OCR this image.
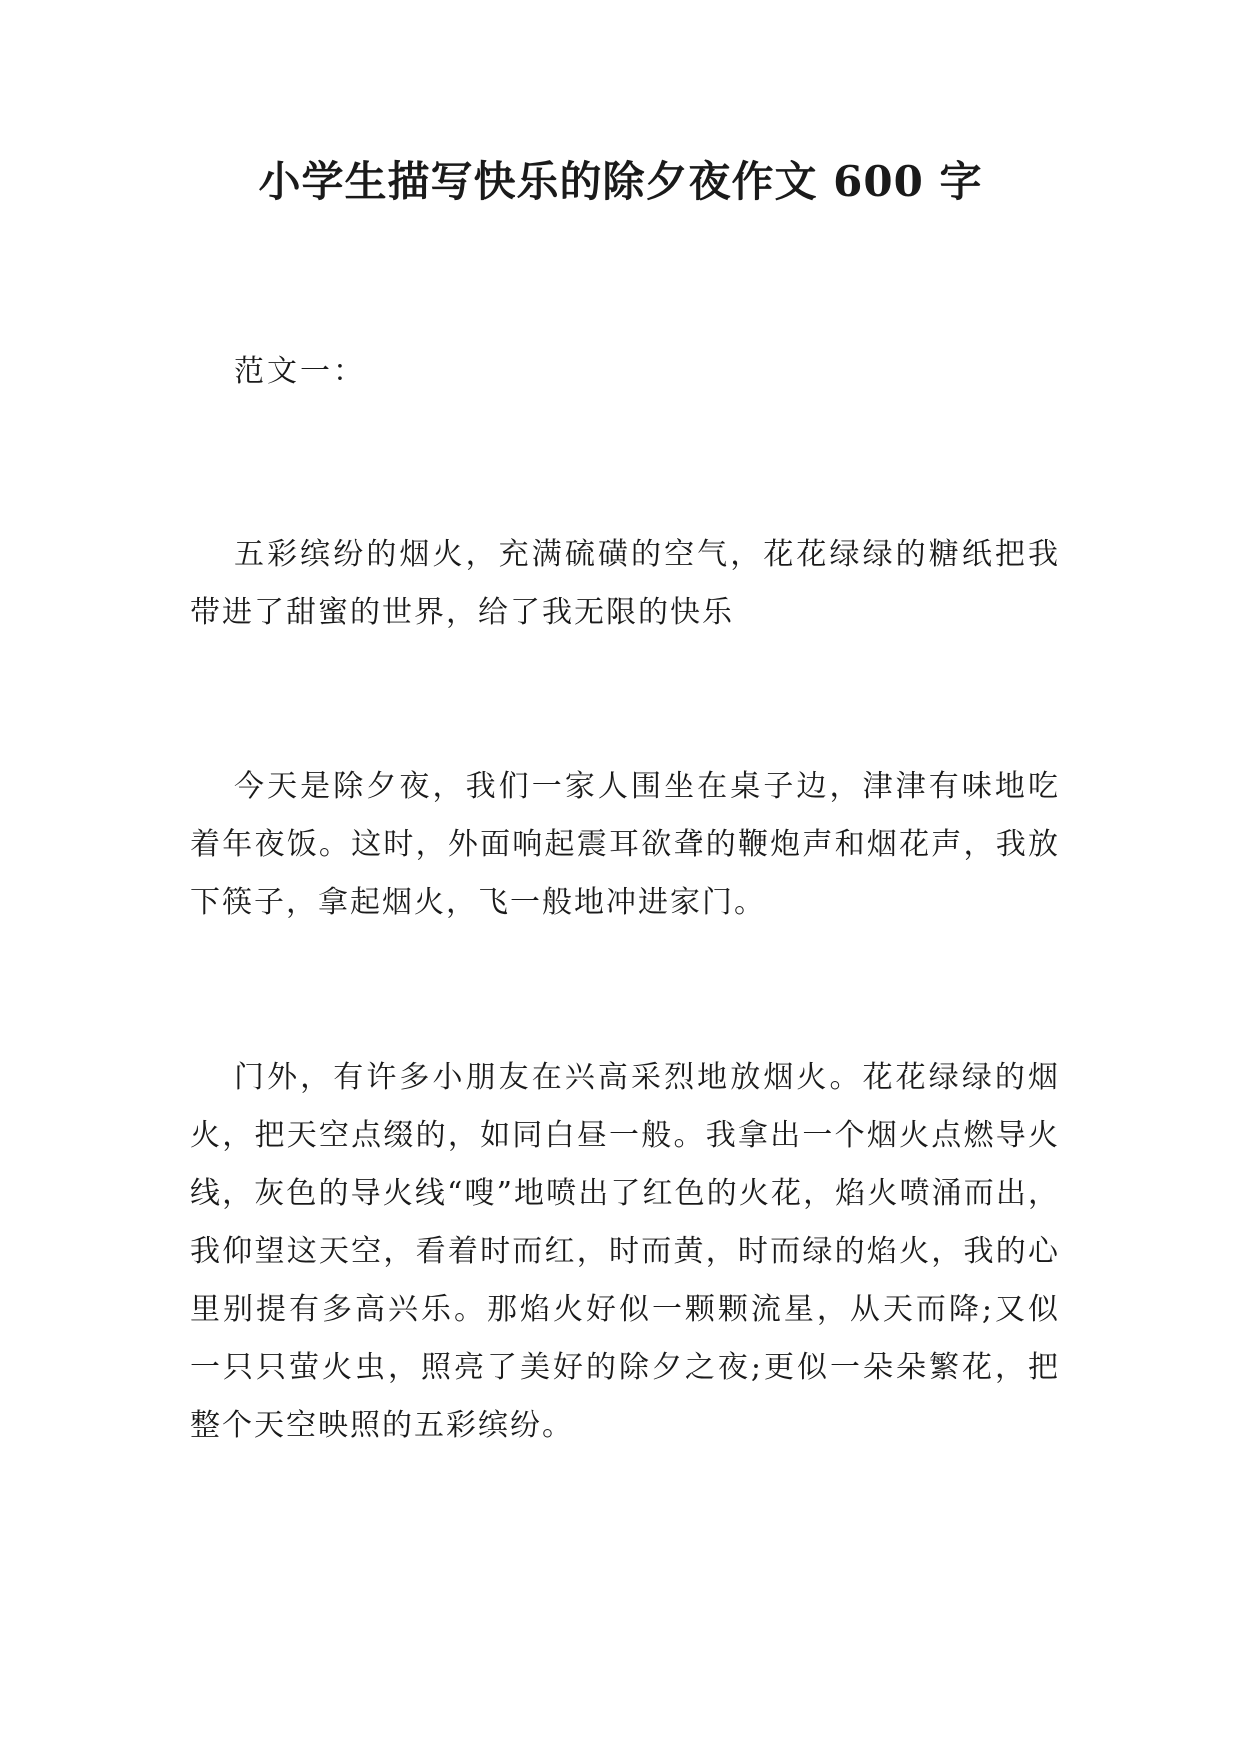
小学生描写快乐的除夕夜作文 600 字

范文一：

五彩缤纷的烟火，充满硫磺的空气，花花绿绿的糖纸把我带进了甜蜜的世界，给了我无限的快乐

今天是除夕夜，我们一家人围坐在桌子边，津津有味地吃着年夜饭。这时，外面响起震耳欲聋的鞭炮声和烟花声，我放下筷子，拿起烟火，飞一般地冲进家门。

门外，有许多小朋友在兴高采烈地放烟火。花花绿绿的烟火，把天空点缀的，如同白昼一般。我拿出一个烟火点燃导火线，灰色的导火线“嗖”地喷出了红色的火花，焰火喷涌而出，我仰望这天空，看着时而红，时而黄，时而绿的焰火，我的心里别提有多高兴乐。那焰火好似一颗颗流星，从天而降;又似一只只萤火虫，照亮了美好的除夕之夜;更似一朵朵繁花，把整个天空映照的五彩缤纷。
